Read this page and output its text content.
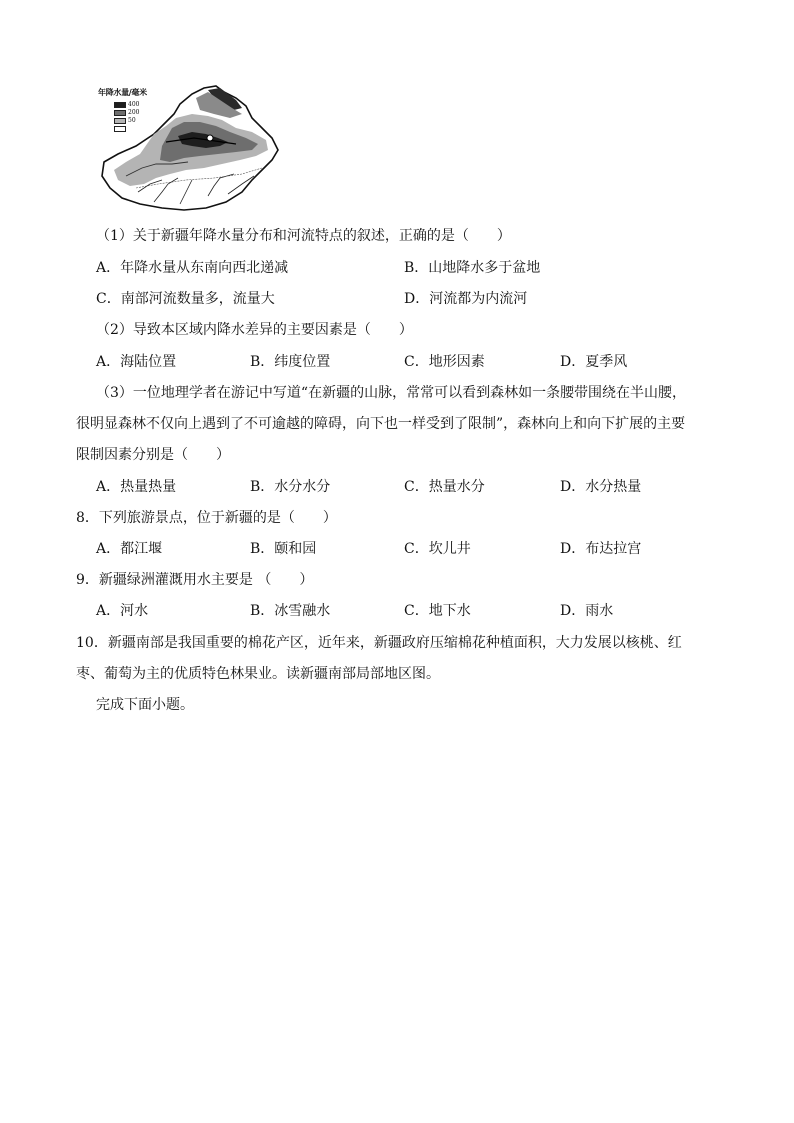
年降水量/毫米
400
200
50
（1）关于新疆年降水量分布和河流特点的叙述，正确的是（　　）
A．年降水量从东南向西北递减	B．山地降水多于盆地
C．南部河流数量多，流量大	D．河流都为内流河
（2）导致本区域内降水差异的主要因素是（　　）
A．海陆位置	B．纬度位置	C．地形因素	D．夏季风
（3）一位地理学者在游记中写道“在新疆的山脉，常常可以看到森林如一条腰带围绕在半山腰，
很明显森林不仅向上遇到了不可逾越的障碍，向下也一样受到了限制”，森林向上和向下扩展的主要
限制因素分别是（　　）
A．热量热量	B．水分水分	C．热量水分	D．水分热量
8．下列旅游景点，位于新疆的是（　　）
A．都江堰	B．颐和园	C．坎儿井	D．布达拉宫
9．新疆绿洲灌溉用水主要是 （　　）
A．河水	B．冰雪融水	C．地下水	D．雨水
10．新疆南部是我国重要的棉花产区，近年来，新疆政府压缩棉花种植面积，大力发展以核桃、红
枣、葡萄为主的优质特色林果业。读新疆南部局部地区图。
完成下面小题。
